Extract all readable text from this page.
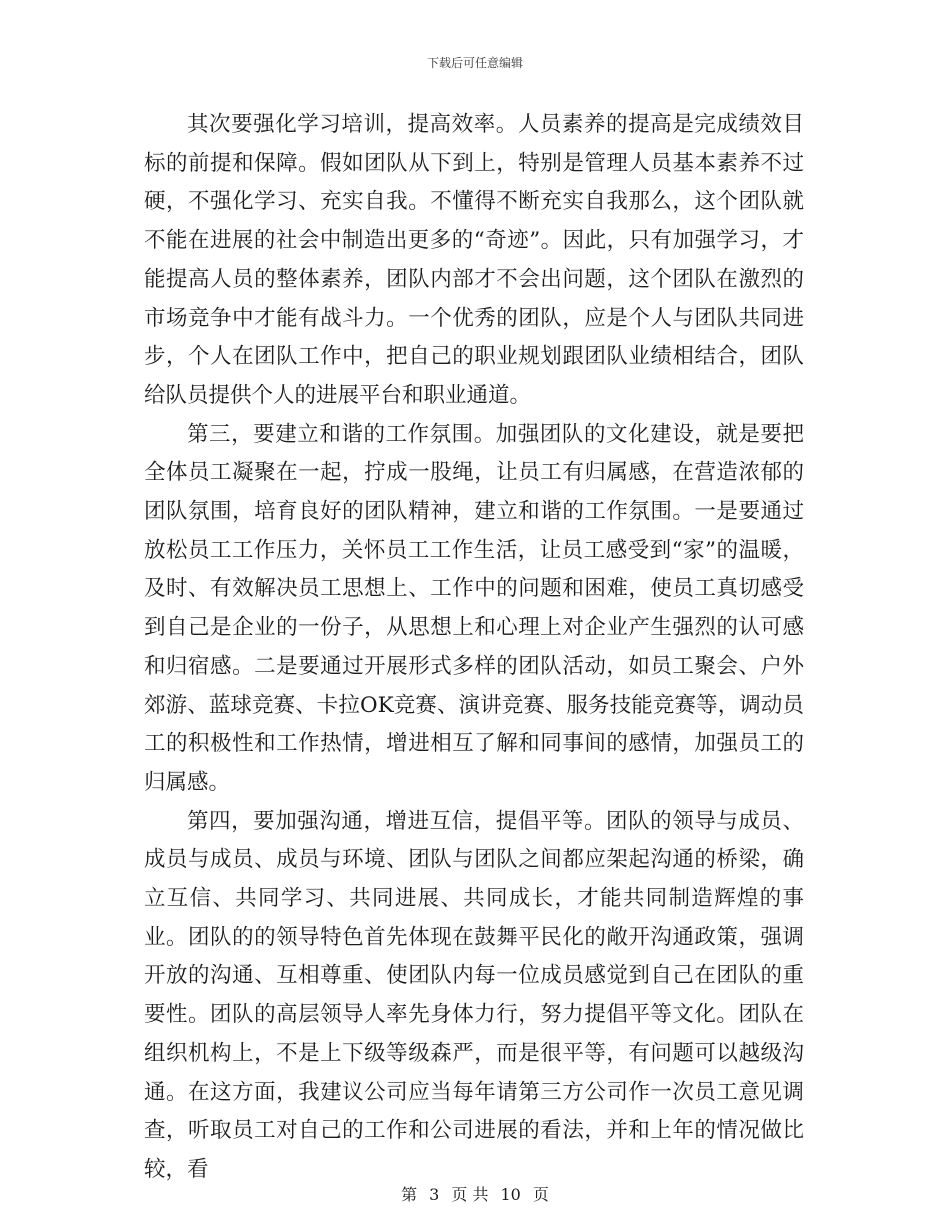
下载后可任意编辑

其次要强化学习培训，提高效率。人员素养的提高是完成绩效目标的前提和保障。假如团队从下到上，特别是管理人员基本素养不过硬，不强化学习、充实自我。不懂得不断充实自我那么，这个团队就不能在进展的社会中制造出更多的“奇迹”。因此，只有加强学习，才能提高人员的整体素养，团队内部才不会出问题，这个团队在激烈的市场竞争中才能有战斗力。一个优秀的团队，应是个人与团队共同进步，个人在团队工作中，把自己的职业规划跟团队业绩相结合，团队给队员提供个人的进展平台和职业通道。

第三，要建立和谐的工作氛围。加强团队的文化建设，就是要把全体员工凝聚在一起，拧成一股绳，让员工有归属感，在营造浓郁的团队氛围，培育良好的团队精神，建立和谐的工作氛围。一是要通过放松员工工作压力，关怀员工工作生活，让员工感受到“家”的温暖，及时、有效解决员工思想上、工作中的问题和困难，使员工真切感受到自己是企业的一份子，从思想上和心理上对企业产生强烈的认可感和归宿感。二是要通过开展形式多样的团队活动，如员工聚会、户外郊游、蓝球竞赛、卡拉OK竞赛、演讲竞赛、服务技能竞赛等，调动员工的积极性和工作热情，增进相互了解和同事间的感情，加强员工的归属感。

第四，要加强沟通，增进互信，提倡平等。团队的领导与成员、成员与成员、成员与环境、团队与团队之间都应架起沟通的桥梁，确立互信、共同学习、共同进展、共同成长，才能共同制造辉煌的事业。团队的的领导特色首先体现在鼓舞平民化的敞开沟通政策，强调开放的沟通、互相尊重、使团队内每一位成员感觉到自己在团队的重要性。团队的高层领导人率先身体力行，努力提倡平等文化。团队在组织机构上，不是上下级等级森严，而是很平等，有问题可以越级沟通。在这方面，我建议公司应当每年请第三方公司作一次员工意见调查，听取员工对自己的工作和公司进展的看法，并和上年的情况做比较，看

第 3 页 共 10 页
